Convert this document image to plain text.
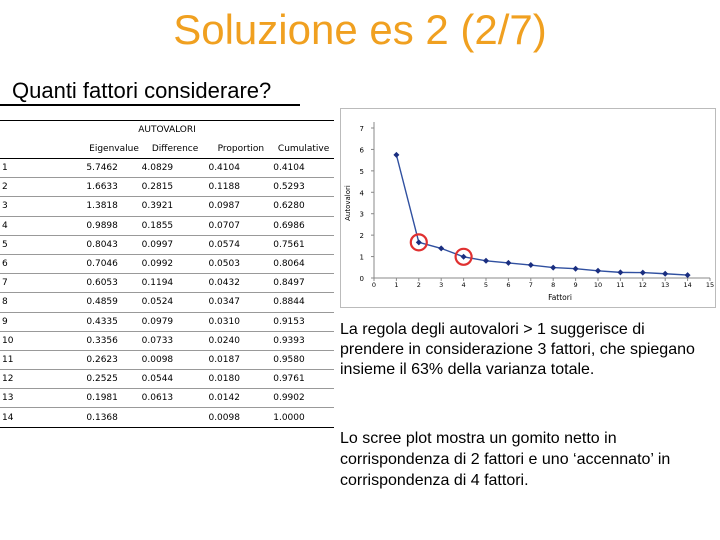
Soluzione es 2 (2/7)
Quanti fattori considerare?
AUTOVALORI				
	Eigenvalue	Difference	Proportion	Cumulative
1	5.7462	4.0829	0.4104	0.4104
2	1.6633	0.2815	0.1188	0.5293
3	1.3818	0.3921	0.0987	0.6280
4	0.9898	0.1855	0.0707	0.6986
5	0.8043	0.0997	0.0574	0.7561
6	0.7046	0.0992	0.0503	0.8064
7	0.6053	0.1194	0.0432	0.8497
8	0.4859	0.0524	0.0347	0.8844
9	0.4335	0.0979	0.0310	0.9153
10	0.3356	0.0733	0.0240	0.9393
11	0.2623	0.0098	0.0187	0.9580
12	0.2525	0.0544	0.0180	0.9761
13	0.1981	0.0613	0.0142	0.9902
14	0.1368		0.0098	1.0000
0
1
2
3
4
5
6
7
0	1	2	3	4	5	6	7	8	9 10 11 12 13 14 15
Autovalori
Fattori
La regola degli autovalori > 1 suggerisce di prendere in considerazione 3 fattori, che spiegano insieme il 63% della varianza totale.
Lo scree plot mostra un gomito netto in corrispondenza di 2 fattori e uno ‘accennato’ in corrispondenza di 4 fattori.
